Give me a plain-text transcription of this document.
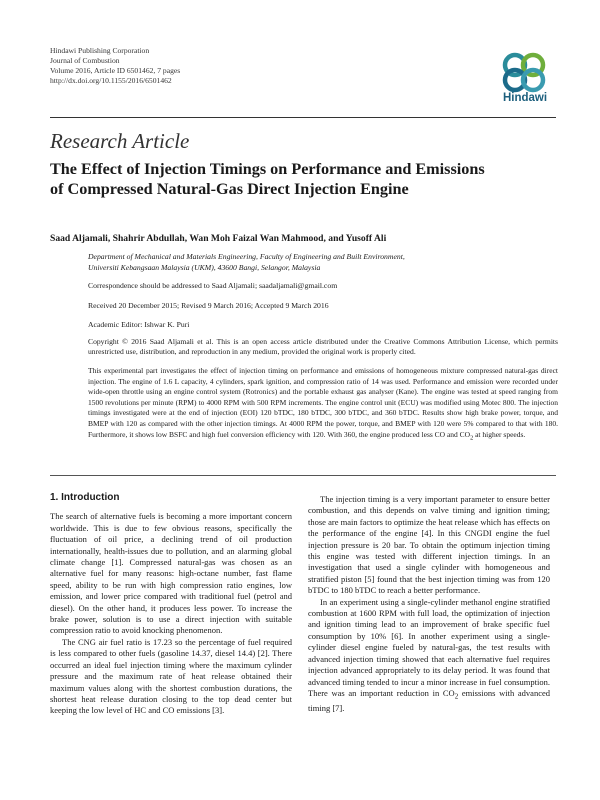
Hindawi Publishing Corporation
Journal of Combustion
Volume 2016, Article ID 6501462, 7 pages
http://dx.doi.org/10.1155/2016/6501462
Hindawi
Research Article
The Effect of Injection Timings on Performance and Emissions
of Compressed Natural-Gas Direct Injection Engine
Saad Aljamali, Shahrir Abdullah, Wan Moh Faizal Wan Mahmood, and Yusoff Ali
Department of Mechanical and Materials Engineering, Faculty of Engineering and Built Environment,
Universiti Kebangsaan Malaysia (UKM), 43600 Bangi, Selangor, Malaysia
Correspondence should be addressed to Saad Aljamali; saadaljamali@gmail.com
Received 20 December 2015; Revised 9 March 2016; Accepted 9 March 2016
Academic Editor: Ishwar K. Puri
Copyright © 2016 Saad Aljamali et al. This is an open access article distributed under the Creative Commons Attribution License, which permits unrestricted use, distribution, and reproduction in any medium, provided the original work is properly cited.
This experimental part investigates the effect of injection timing on performance and emissions of homogeneous mixture compressed natural-gas direct injection. The engine of 1.6 L capacity, 4 cylinders, spark ignition, and compression ratio of 14 was used. Performance and emission were recorded under wide-open throttle using an engine control system (Rotronics) and the portable exhaust gas analyser (Kane). The engine was tested at speed ranging from 1500 revolutions per minute (RPM) to 4000 RPM with 500 RPM increments. The engine control unit (ECU) was modified using Motec 800. The injection timings investigated were at the end of injection (EOI) 120 bTDC, 180 bTDC, 300 bTDC, and 360 bTDC. Results show high brake power, torque, and BMEP with 120 as compared with the other injection timings. At 4000 RPM the power, torque, and BMEP with 120 were 5% compared to that with 180. Furthermore, it shows low BSFC and high fuel conversion efficiency with 120. With 360, the engine produced less CO and $CO_2$ at higher speeds.
1. Introduction

The search of alternative fuels is becoming a more important concern worldwide. This is due to few obvious reasons, specifically the fluctuation of oil price, a declining trend of oil production internationally, health-issues due to pollution, and an alarming global climate change [1]. Compressed natural-gas was chosen as an alternative fuel for many reasons: high-octane number, fast flame speed, ability to be run with high compression ratio engines, low emission, and lower price compared with traditional fuel (petrol and diesel). On the other hand, it produces less power. To increase the brake power, solution is to use a direct injection with suitable compression ratio to avoid knocking phenomenon.

The CNG air fuel ratio is 17.23 so the percentage of fuel required is less compared to other fuels (gasoline 14.37, diesel 14.4) [2]. There occurred an ideal fuel injection timing where the maximum cylinder pressure and the maximum rate of heat release obtained their maximum values along with the shortest combustion durations, the shortest heat release duration closing to the top dead center but keeping the low level of HC and CO emissions [3].

The injection timing is a very important parameter to ensure better combustion, and this depends on valve timing and ignition timing; those are main factors to optimize the heat release which has effects on the performance of the engine [4]. In this CNGDI engine the fuel injection pressure is 20 bar. To obtain the optimum injection timing this engine was tested with different injection timings. In an investigation that used a single cylinder with homogeneous and stratified piston [5] found that the best injection timing was from 120 bTDC to 180 bTDC to reach a better performance.

In an experiment using a single-cylinder methanol engine stratified combustion at 1600 RPM with full load, the optimization of injection and ignition timing lead to an improvement of brake specific fuel consumption by 10% [6]. In another experiment using a single-cylinder diesel engine fueled by natural-gas, the test results with advanced injection timing showed that each alternative fuel requires injection advanced appropriately to its delay period. It was found that advanced timing tended to incur a minor increase in fuel consumption. There was an important reduction in $CO_2$ emissions with advanced timing [7].
